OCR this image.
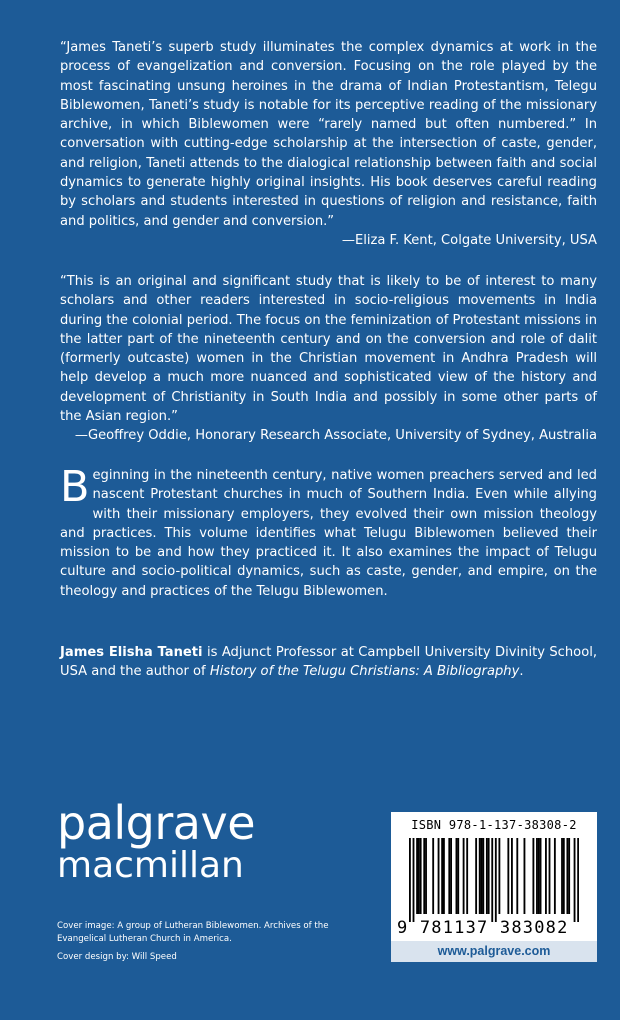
“James Taneti’s superb study illuminates the complex dynamics at work in the process of evangelization and conversion. Focusing on the role played by the most fascinating unsung heroines in the drama of Indian Protestantism, Telegu Biblewomen, Taneti’s study is notable for its perceptive reading of the missionary archive, in which Biblewomen were “rarely named but often numbered.” In conversation with cutting-edge scholarship at the intersection of caste, gender, and religion, Taneti attends to the dialogical relationship between faith and social dynamics to generate highly original insights. His book deserves careful reading by scholars and students interested in questions of religion and resistance, faith and politics, and gender and conversion.”
—Eliza F. Kent, Colgate University, USA
“This is an original and significant study that is likely to be of interest to many scholars and other readers interested in socio-religious movements in India during the colonial period. The focus on the feminization of Protestant missions in the latter part of the nineteenth century and on the conversion and role of dalit (formerly outcaste) women in the Christian movement in Andhra Pradesh will help develop a much more nuanced and sophisticated view of the history and development of Christianity in South India and possibly in some other parts of the Asian region.”
—Geoffrey Oddie, Honorary Research Associate, University of Sydney, Australia
B eginning in the nineteenth century, native women preachers served and led nascent Protestant churches in much of Southern India. Even while allying with their missionary employers, they evolved their own mission theology and practices. This volume identifies what Telugu Biblewomen believed their mission to be and how they practiced it. It also examines the impact of Telugu culture and socio-political dynamics, such as caste, gender, and empire, on the theology and practices of the Telugu Biblewomen.
James Elisha Taneti is Adjunct Professor at Campbell University Divinity School, USA and the author of History of the Telugu Christians: A Bibliography.
palgrave
macmillan
Cover image: A group of Lutheran Biblewomen. Archives of the Evangelical Lutheran Church in America.
Cover design by: Will Speed
ISBN 978-1-137-38308-2
9 781137 383082
www.palgrave.com
